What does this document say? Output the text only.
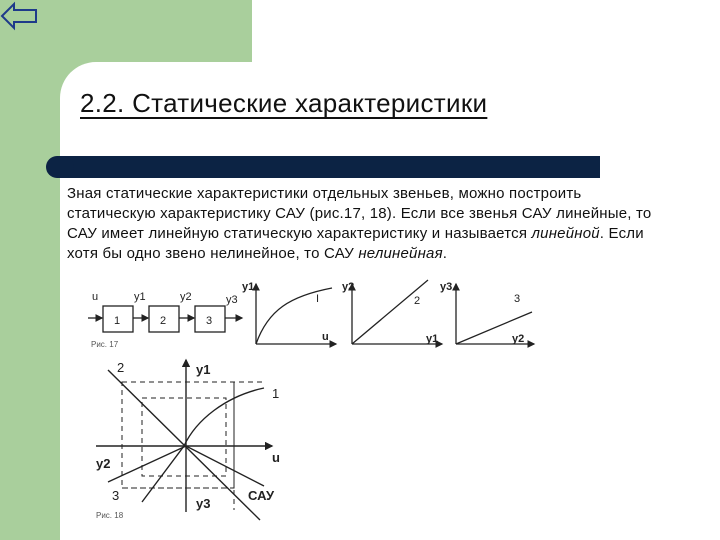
2.2. Статические характеристики

Зная статические характеристики отдельных звеньев, можно построить статическую характеристику САУ (рис.17, 18). Если все звенья САУ линейные, то САУ имеет линейную статическую характеристику и называется линейной. Если хотя бы одно звено нелинейное, то САУ нелинейная.

u	y1	y2	y3
1	2	3
Рис. 17
y1
u
I
y2
y1
2
y3
y2
3
2	y1
1
y2	u
3
y3
САУ
Рис. 18
